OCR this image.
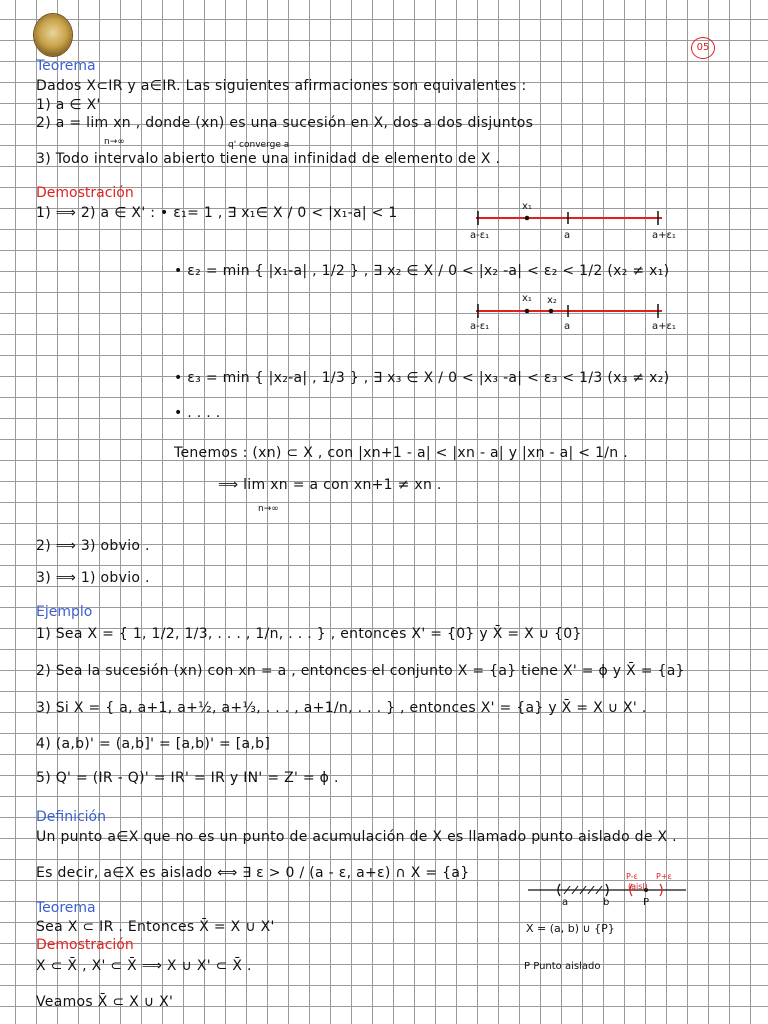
05
Teorema
Dados X⊂IR y a∈IR. Las siguientes afirmaciones son equivalentes :
1) a ∈ X'
2) a = lim xn , donde (xn) es una sucesión en X, dos a dos disjuntos
n→∞	q' converge a
3) Todo intervalo abierto tiene una infinidad de elemento de X .
Demostración
1) ⟹ 2) a ∈ X' : • ε₁= 1 , ∃ x₁∈ X / 0 < |x₁-a| < 1	x₁
a-ε₁	a	a+ε₁
• ε₂ = min { |x₁-a| , 1/2 } , ∃ x₂ ∈ X / 0 < |x₂ -a| < ε₂ < 1/2 (x₂ ≠ x₁)
x₁ x₂
a-ε₁	a	a+ε₁
• ε₃ = min { |x₂-a| , 1/3 } , ∃ x₃ ∈ X / 0 < |x₃ -a| < ε₃ < 1/3 (x₃ ≠ x₂)
• . . . .
Tenemos : (xn) ⊂ X , con |xn+1 - a| < |xn - a| y |xn - a| < 1/n .
⟹ lim xn = a con xn+1 ≠ xn .
n→∞
2) ⟹ 3) obvio .
3) ⟹ 1) obvio .
Ejemplo
1) Sea X = { 1, 1/2, 1/3, . . . , 1/n, . . . } , entonces X' = {0} y X̄ = X ∪ {0}
2) Sea la sucesión (xn) con xn = a , entonces el conjunto X = {a} tiene X' = ϕ y X̄ = {a}
3) Si X = { a, a+1, a+½, a+⅓, . . . , a+1/n, . . . } , entonces X' = {a} y X̄ = X ∪ X' .
4) (a,b)' = (a,b]' = [a,b)' = [a,b]
5) Q' = (IR - Q)' = IR' = IR y IN' = Z' = ϕ .
Definición
Un punto a∈X que no es un punto de acumulación de X es llamado punto aislado de X .
Es decir, a∈X es aislado ⟺ ∃ ε > 0 / (a - ε, a+ε) ∩ X = {a}	P-ε P+ε
(aisl)
a	b	P
X = (a, b) ∪ {P}
P Punto aislado
Teorema
Sea X ⊂ IR . Entonces X̄ = X ∪ X'
Demostración
X ⊂ X̄ , X' ⊂ X̄ ⟹ X ∪ X' ⊂ X̄ .
Veamos X̄ ⊂ X ∪ X'
